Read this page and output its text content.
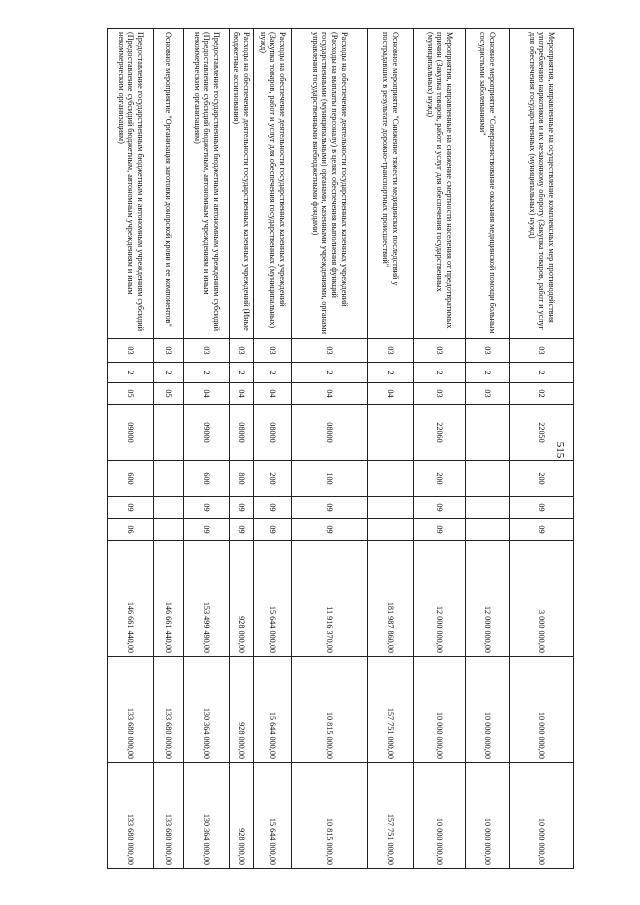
515
Мероприятия, направленные на осуществление комплексных мер противодействия употреблению наркотиков и их незаконному обороту (Закупка товаров, работ и услуг для обеспечения государственных (муниципальных) нужд)	03	2	02	22050	200	09	09	3 000 000,00	10 000 000,00	10 000 000,00
Основное мероприятие "Совершенствование оказания медицинской помощи больным сосудистыми заболеваниями"	03	2	03					12 000 000,00	10 000 000,00	10 000 000,00
Мероприятия, направленные на снижение смертности населения от предотвратимых причин (Закупка товаров, работ и услуг для обеспечения государственных (муниципальных) нужд)	03	2	03	22060	200	09	09	12 000 000,00	10 000 000,00	10 000 000,00
Основное мероприятие "Снижение тяжести медицинских последствий у пострадавших в результате дорожно-транспортных происшествий"	03	2	04					181 987 860,00	157 751 000,00	157 751 000,00
Расходы на обеспечение деятельности государственных казенных учреждений (Расходы на выплаты персоналу) в целях обеспечения выполнения функций государственными (муниципальными) органами, казенными учреждениями, органами управления государственными внебюджетными фондами)	03	2	04	08000	100	09	09	11 916 370,00	10 815 000,00	10 815 000,00
Расходы на обеспечение деятельности государственных казенных учреждений (Закупка товаров, работ и услуг для обеспечения государственных (муниципальных) нужд)	03	2	04	08000	200	09	09	15 644 000,00	15 644 000,00	15 644 000,00
Расходы на обеспечение деятельности государственных казенных учреждений (Иные бюджетные ассигнования)	03	2	04	08000	800	09	09	928 000,00	928 000,00	928 000,00
Предоставление государственным бюджетным и автономным учреждениям субсидий (Предоставление субсидий бюджетным, автономным учреждениям и иным некоммерческим организациям)	03	2	04	09000	600	09	09	153 499 490,00	130 364 000,00	130 364 000,00
Основное мероприятие "Организация заготовки донорской крови и ее компонентов"	03	2	05					146 661 440,00	133 680 000,00	133 680 000,00
Предоставление государственным бюджетным и автономным учреждениям субсидий (Предоставление субсидий бюджетным, автономным учреждениям и иным некоммерческим организациям)	03	2	05	09000	600	09	06	146 661 440,00	133 680 000,00	133 680 000,00
